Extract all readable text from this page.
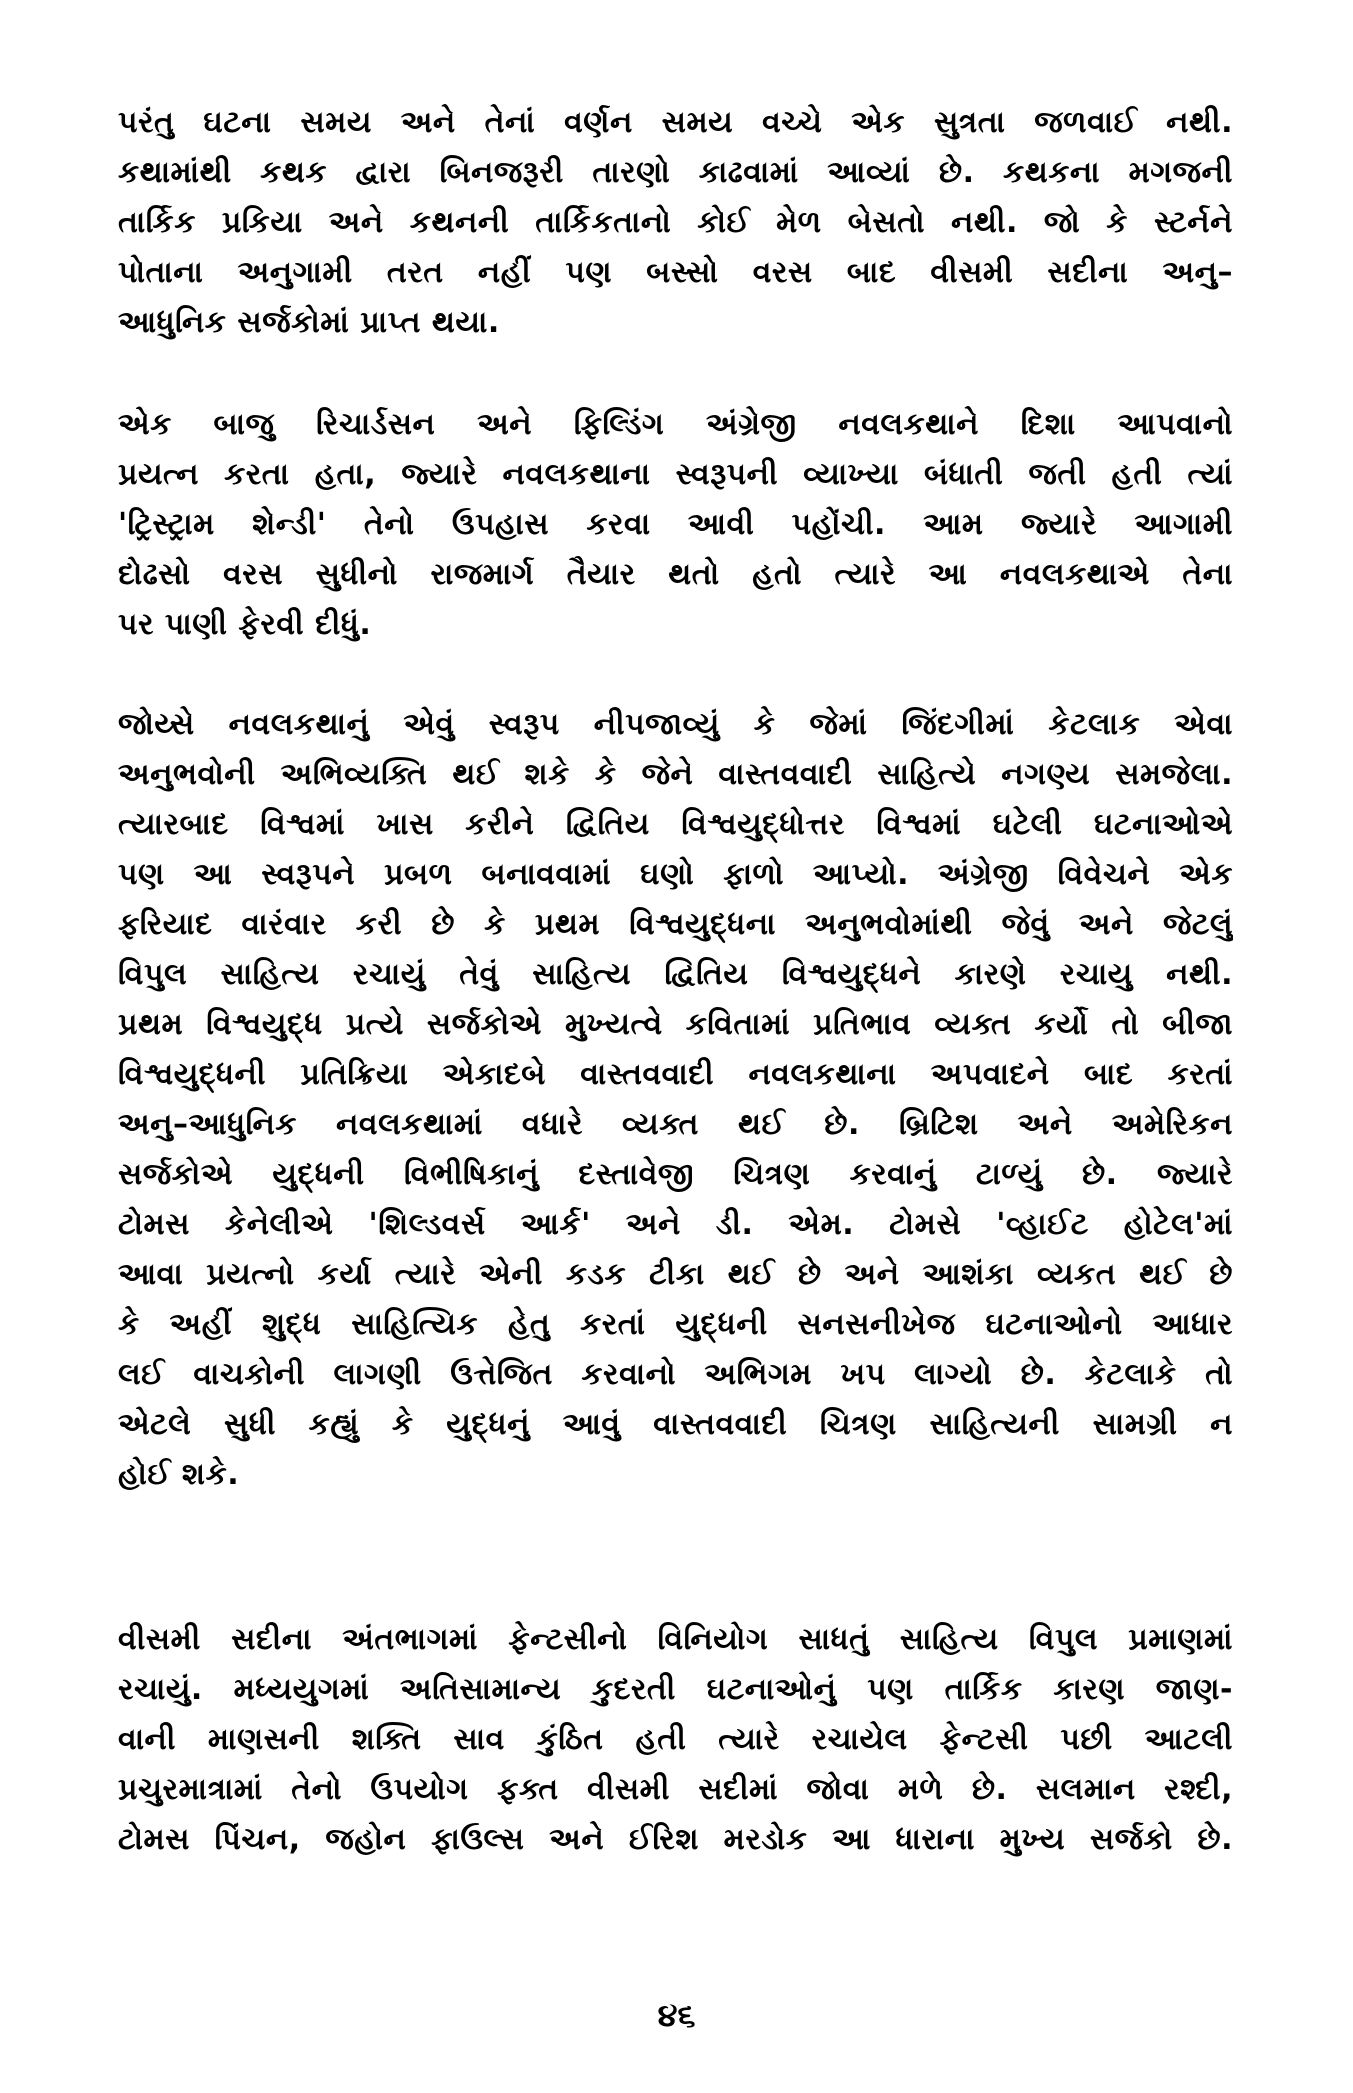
પરંતુ ઘટના સમય અને તેનાં વર્ણન સમય વચ્ચે એક સુત્રતા જળવાઈ નથી.
કથામાંથી કથક દ્વારા બિનજરૂરી તારણો કાઢવામાં આવ્યાં છે. કથકના મગજની
તાર્કિક પ્રકિયા અને કથનની તાર્કિકતાનો કોઈ મેળ બેસતો નથી. જો કે સ્ટર્નને
પોતાના અનુગામી તરત નહીં પણ બસ્સો વરસ બાદ વીસમી સદીના અનુ–
આધુનિક સર્જકોમાં પ્રાપ્ત થયા.
એક બાજુ રિચાર્ડસન અને ફિલ્ડિંગ અંગ્રેજી નવલકથાને દિશા આપવાનો
પ્રયત્ન કરતા હતા, જ્યારે નવલકથાના સ્વરૂપની વ્યાખ્યા બંધાતી જતી હતી ત્યાં
'ટ્રિસ્ટ્રામ શેન્ડી' તેનો ઉપહાસ કરવા આવી પહોંચી. આમ જ્યારે આગામી
દોઢસો વરસ સુધીનો રાજમાર્ગ તૈયાર થતો હતો ત્યારે આ નવલકથાએ તેના
પર પાણી ફેરવી દીધું.
જોય્સે નવલકથાનું એવું સ્વરૂપ નીપજાવ્યું કે જેમાં જિંદગીમાં કેટલાક એવા
અનુભવોની અભિવ્યક્તિ થઈ શકે કે જેને વાસ્તવવાદી સાહિત્યે નગણ્ય સમજેલા.
ત્યારબાદ વિશ્વમાં ખાસ કરીને દ્વિતિય વિશ્વયુદ્ધોત્તર વિશ્વમાં ઘટેલી ઘટનાઓએ
પણ આ સ્વરૂપને પ્રબળ બનાવવામાં ઘણો ફાળો આપ્યો. અંગ્રેજી વિવેચને એક
ફરિયાદ વારંવાર કરી છે કે પ્રથમ વિશ્વયુદ્ધના અનુભવોમાંથી જેવું અને જેટલું
વિપુલ સાહિત્ય રચાયું તેવું સાહિત્ય દ્વિતિય વિશ્વયુદ્ધને કારણે રચાયુ નથી.
પ્રથમ વિશ્વયુદ્ધ પ્રત્યે સર્જકોએ મુખ્યત્વે કવિતામાં પ્રતિભાવ વ્યક્ત કર્યો તો બીજા
વિશ્વયુદ્ધની પ્રતિક્રિયા એકાદબે વાસ્તવવાદી નવલકથાના અપવાદને બાદ કરતાં
અનુ–આધુનિક નવલકથામાં વધારે વ્યક્ત થઈ છે. બ્રિટિશ અને અમેરિકન
સર્જકોએ યુદ્ધની વિભીષિકાનું દસ્તાવેજી ચિત્રણ કરવાનું ટાળ્યું છે. જ્યારે
ટોમસ કેનેલીએ 'શિલ્ડવર્સ આર્ક' અને ડી. એમ. ટોમસે 'વ્હાઈટ હોટેલ'માં
આવા પ્રયત્નો કર્યા ત્યારે એની કડક ટીકા થઈ છે અને આશંકા વ્યકત થઈ છે
કે અહીં શુદ્ધ સાહિત્યિક હેતુ કરતાં યુદ્ધની સનસનીખેજ ઘટનાઓનો આધાર
લઈ વાચકોની લાગણી ઉત્તેજિત કરવાનો અભિગમ ખપ લાગ્યો છે. કેટલાકે તો
એટલે સુધી કહ્યું કે યુદ્ધનું આવું વાસ્તવવાદી ચિત્રણ સાહિત્યની સામગ્રી ન
હોઈ શકે.
વીસમી સદીના અંતભાગમાં ફેન્ટસીનો વિનિયોગ સાધતું સાહિત્ય વિપુલ પ્રમાણમાં
રચાયું. મધ્યયુગમાં અતિસામાન્ય કુદરતી ઘટનાઓનું પણ તાર્કિક કારણ જાણ-
વાની માણસની શક્તિ સાવ કુંઠિત હતી ત્યારે રચાયેલ ફેન્ટસી પછી આટલી
પ્રચુરમાત્રામાં તેનો ઉપયોગ ફક્ત વીસમી સદીમાં જોવા મળે છે. સલમાન રશ્દી,
ટોમસ પિંચન, જહોન ફાઉલ્સ અને ઈરિશ મરડોક આ ધારાના મુખ્ય સર્જકો છે.
૪૬
